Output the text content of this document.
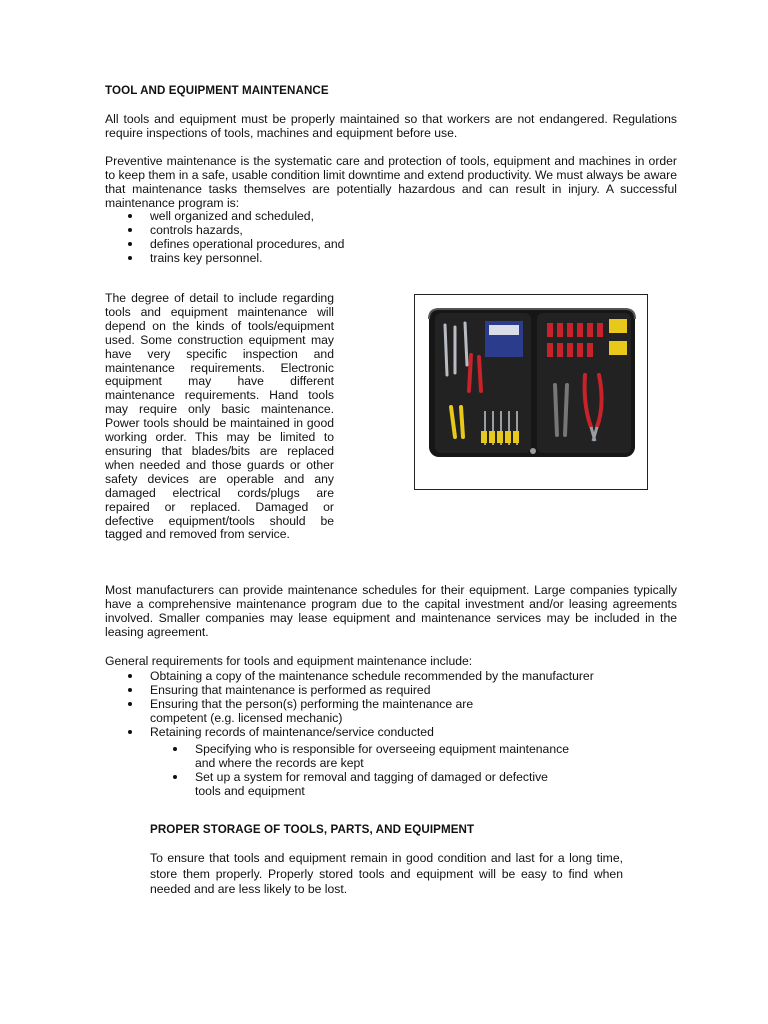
TOOL AND EQUIPMENT MAINTENANCE
All tools and equipment must be properly maintained so that workers are not endangered. Regulations require inspections of tools, machines and equipment before use.
Preventive maintenance is the systematic care and protection of tools, equipment and machines in order to keep them in a safe, usable condition limit downtime and extend productivity. We must always be aware that maintenance tasks themselves are potentially hazardous and can result in injury. A successful maintenance program is:
well organized and scheduled,
controls hazards,
defines operational procedures, and
trains key personnel.
The degree of detail to include regarding tools and equipment maintenance will depend on the kinds of tools/equipment used. Some construction equipment may have very specific inspection and maintenance requirements. Electronic equipment may have different maintenance requirements. Hand tools may require only basic maintenance. Power tools should be maintained in good working order. This may be limited to ensuring that blades/bits are replaced when needed and those guards or other safety devices are operable and any damaged electrical cords/plugs are repaired or replaced. Damaged or defective equipment/tools should be tagged and removed from service.
Most manufacturers can provide maintenance schedules for their equipment. Large companies typically have a comprehensive maintenance program due to the capital investment and/or leasing agreements involved. Smaller companies may lease equipment and maintenance services may be included in the leasing agreement.
General requirements for tools and equipment maintenance include:
Obtaining a copy of the maintenance schedule recommended by the manufacturer
Ensuring that maintenance is performed as required
Ensuring that the person(s) performing the maintenance are
competent (e.g. licensed mechanic)
Retaining records of maintenance/service conducted
Specifying who is responsible for overseeing equipment maintenance
and where the records are kept
Set up a system for removal and tagging of damaged or defective
tools and equipment
PROPER STORAGE OF TOOLS, PARTS, AND EQUIPMENT
To ensure that tools and equipment remain in good condition and last for a long time, store them properly. Properly stored tools and equipment will be easy to find when needed and are less likely to be lost.
